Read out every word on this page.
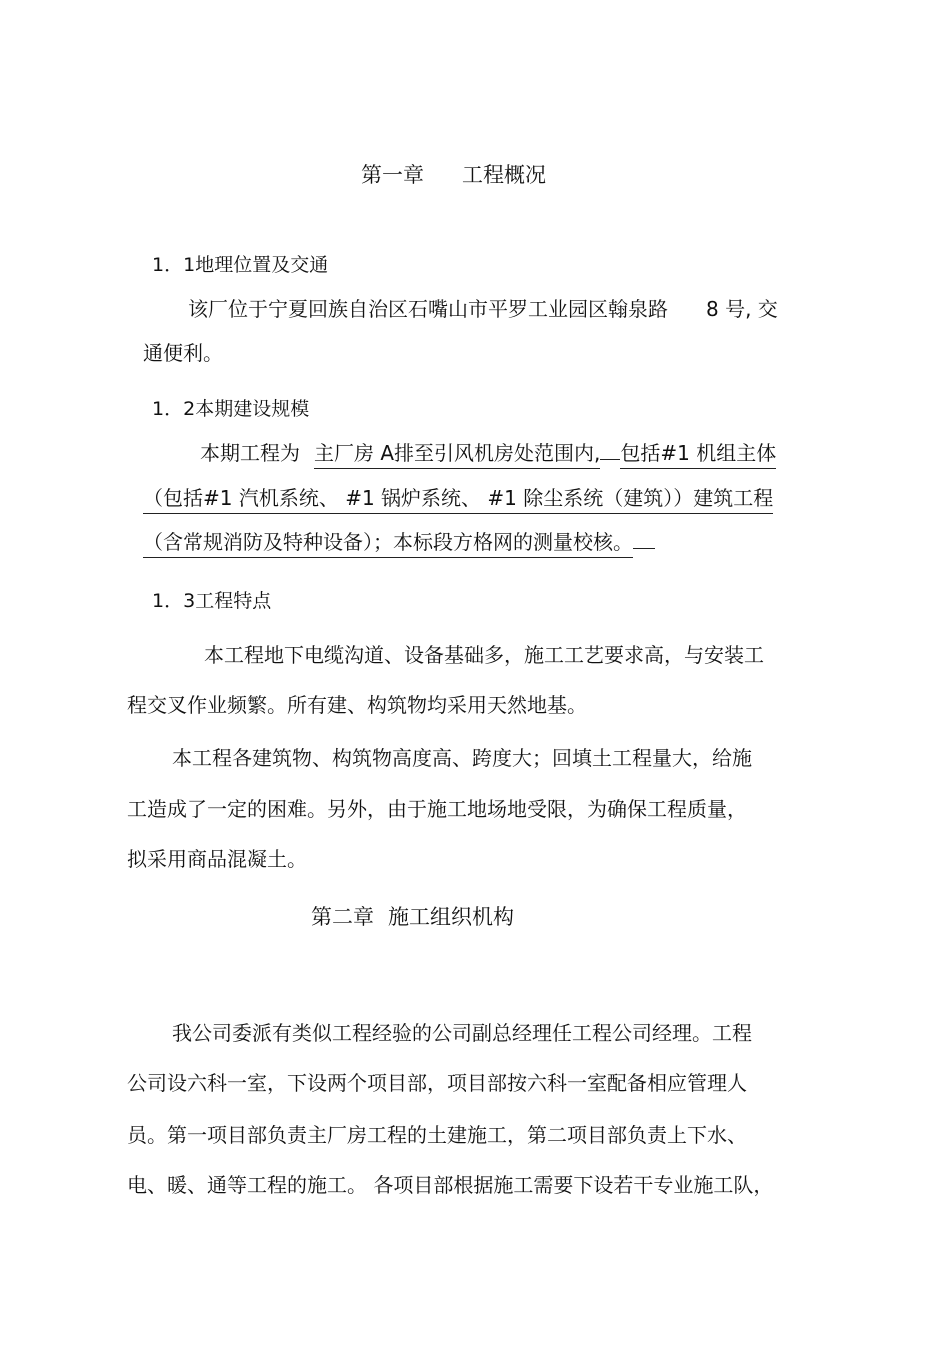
第一章 工程概况
1．1地理位置及交通

该厂位于宁夏回族自治区石嘴山市平罗工业园区翰泉路 8 号, 交

通便利。

1．2本期建设规模

本期工程为 主厂房 A排至引风机房处范围内, 包括#1 机组主体

（包括#1 汽机系统、 #1 锅炉系统、 #1 除尘系统（建筑））建筑工程

（含常规消防及特种设备）；本标段方格网的测量校核。

1．3工程特点

本工程地下电缆沟道、设备基础多，施工工艺要求高，与安装工

程交叉作业频繁。所有建、构筑物均采用天然地基。

本工程各建筑物、构筑物高度高、跨度大；回填土工程量大，给施

工造成了一定的困难。另外，由于施工地场地受限，为确保工程质量，

拟采用商品混凝土。

第二章 施工组织机构

我公司委派有类似工程经验的公司副总经理任工程公司经理。工程

公司设六科一室，下设两个项目部，项目部按六科一室配备相应管理人

员。第一项目部负责主厂房工程的土建施工，第二项目部负责上下水、

电、暖、通等工程的施工。 各项目部根据施工需要下设若干专业施工队，
